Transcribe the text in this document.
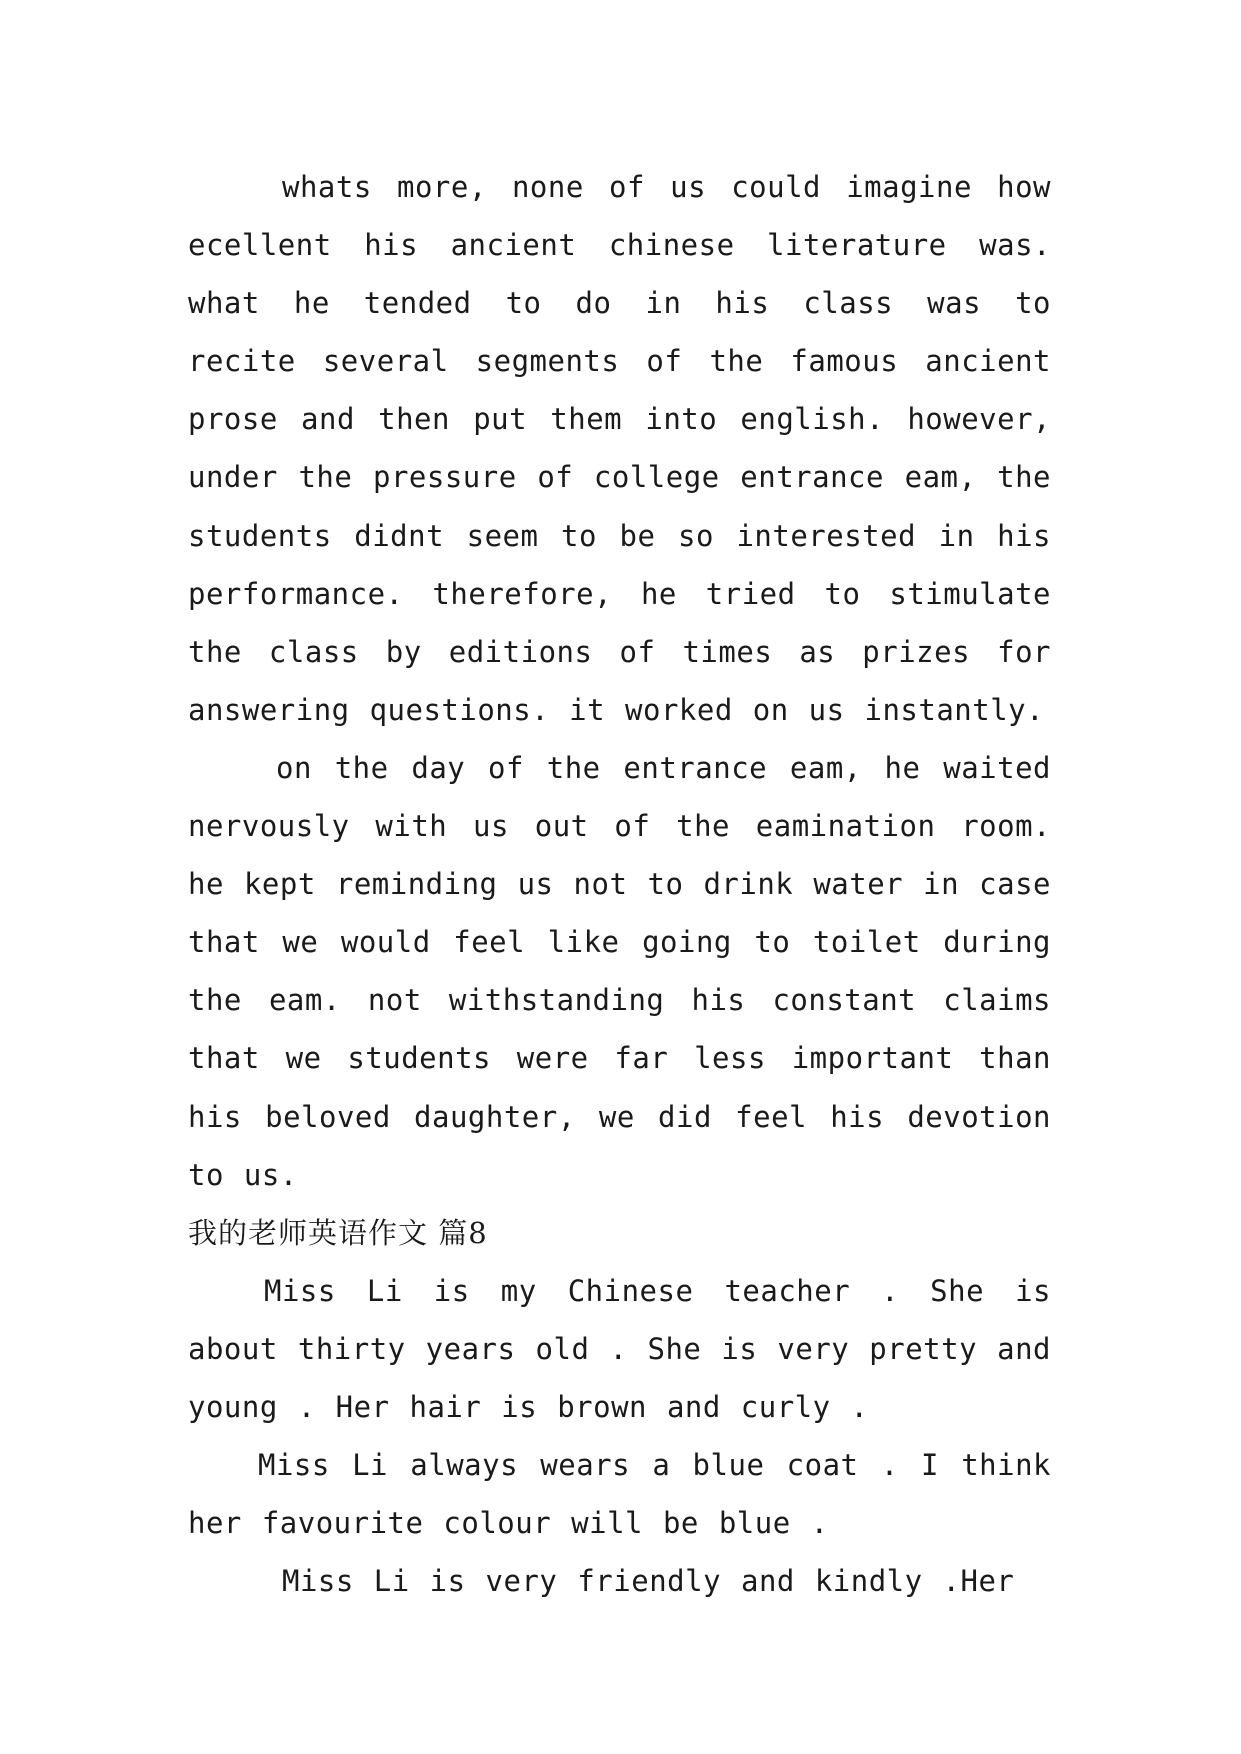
whats more, none of us could imagine how ecellent his ancient chinese literature was. what he tended to do in his class was to recite several segments of the famous ancient prose and then put them into english. however, under the pressure of college entrance eam, the students didnt seem to be so interested in his performance. therefore, he tried to stimulate the class by editions of times as prizes for answering questions. it worked on us instantly.

on the day of the entrance eam, he waited nervously with us out of the eamination room. he kept reminding us not to drink water in case that we would feel like going to toilet during the eam. not withstanding his constant claims that we students were far less important than his beloved daughter, we did feel his devotion to us.

我的老师英语作文 篇8

Miss Li is my Chinese teacher . She is about thirty years old . She is very pretty and young . Her hair is brown and curly .

Miss Li always wears a blue coat . I think her favourite colour will be blue .

Miss Li is very friendly and kindly .Her
